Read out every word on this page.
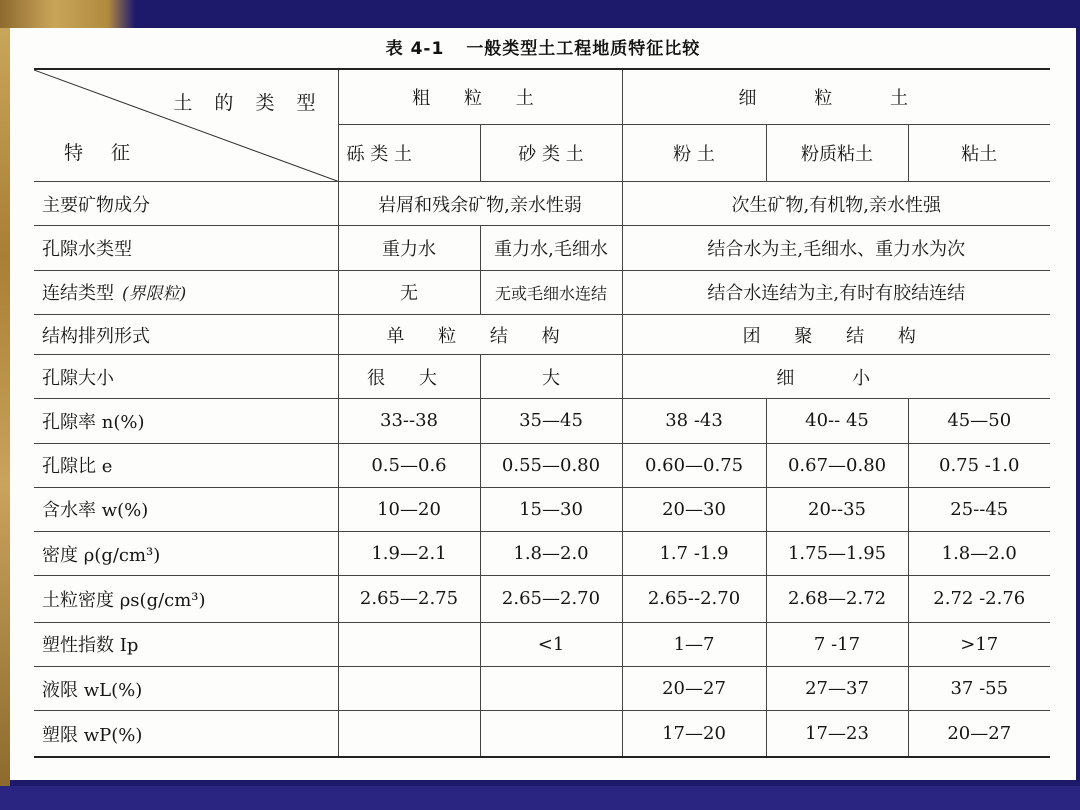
表 4-1 一般类型土工程地质特征比较
土 的 类 型
特征	粗 粒 土		细 粒 土		
	砾 类 土	砂 类 土	粉 土	粉质粘土	粘土
主要矿物成分	岩屑和残余矿物,亲水性弱		次生矿物,有机物,亲水性强		
孔隙水类型	重力水	重力水,毛细水	结合水为主,毛细水、重力水为次		
连结类型 (界限粒)	无	无或毛细水连结	结合水连结为主,有时有胶结连结		
结构排列形式	单 粒 结 构		团 聚 结 构		
孔隙大小	很 大	大	细 小		
孔隙率 n(%)	33--38	35—45	38 -43	40-- 45	45—50
孔隙比 e	0.5—0.6	0.55—0.80	0.60—0.75	0.67—0.80	0.75 -1.0
含水率 w(%)	10—20	15—30	20—30	20--35	25--45
密度 ρ(g/cm³)	1.9—2.1	1.8—2.0	1.7 -1.9	1.75—1.95	1.8—2.0
土粒密度 ρs(g/cm³)	2.65—2.75	2.65—2.70	2.65--2.70	2.68—2.72	2.72 -2.76
塑性指数 Ip		<1	1—7	7 -17	>17
液限 wL(%)			20—27	27—37	37 -55
塑限 wP(%)			17—20	17—23	20—27
